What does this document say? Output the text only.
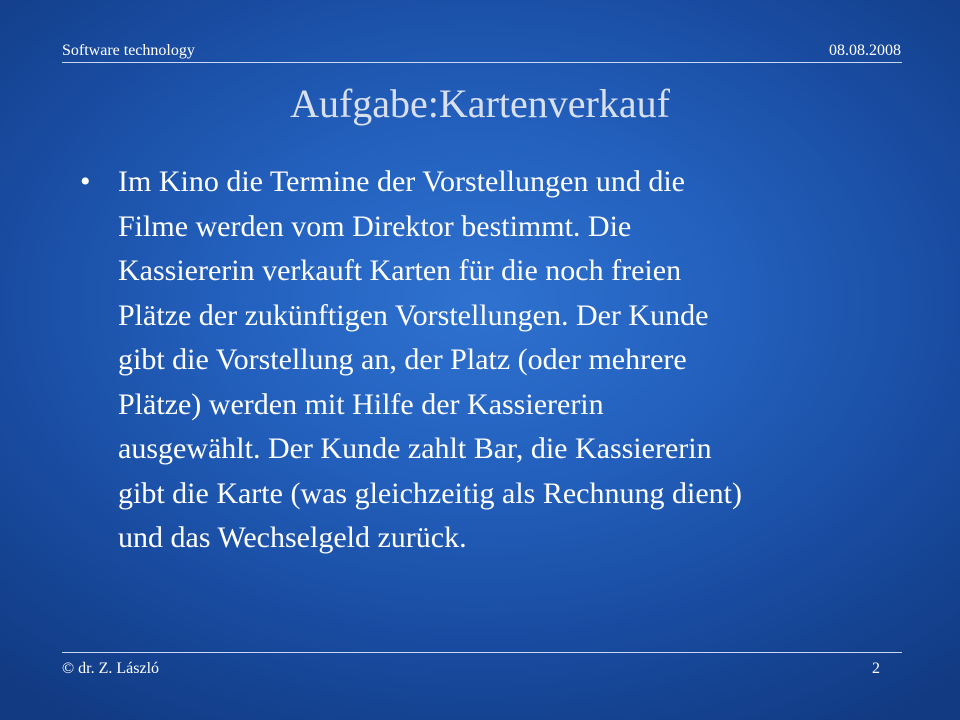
Software technology	08.08.2008
Aufgabe:Kartenverkauf
• Im Kino die Termine der Vorstellungen und die
Filme werden vom Direktor bestimmt. Die
Kassiererin verkauft Karten für die noch freien
Plätze der zukünftigen Vorstellungen. Der Kunde
gibt die Vorstellung an, der Platz (oder mehrere
Plätze) werden mit Hilfe der Kassiererin
ausgewählt. Der Kunde zahlt Bar, die Kassiererin
gibt die Karte (was gleichzeitig als Rechnung dient)
und das Wechselgeld zurück.
© dr. Z. László	2
